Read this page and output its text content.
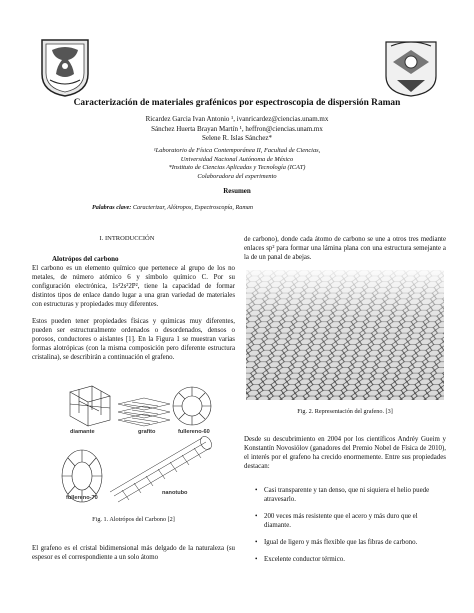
Caracterización de materiales grafénicos por espectroscopia de dispersión Raman
Ricardez Garcia Ivan Antonio ¹, ivanricardez@ciencias.unam.mx
Sánchez Huerta Brayan Martín ¹, heffron@ciencias.unam.mx
Selene R. Islas Sánchez*
¹Laboratorio de Física Contemporánea II, Facultad de Ciencias,
Universidad Nacional Autónoma de México
*Instituto de Ciencias Aplicadas y Tecnología (ICAT)
Colaboradora del experimento
Resumen
Palabras clave: Caracterizar, Alótropos, Espectroscopía, Raman
I. INTRODUCCIÓN
Alotrópos del carbono
El carbono es un elemento químico que pertenece al grupo de los no metales, de número atómico 6 y símbolo químico C. Por su configuración electrónica, 1s²2s²2P², tiene la capacidad de formar distintos tipos de enlace dando lugar a una gran variedad de materiales con estructuras y propiedades muy diferentes.
Estos pueden tener propiedades físicas y químicas muy diferentes, pueden ser estructuralmente ordenados o desordenados, densos o porosos, conductores o aislantes [1]. En la Figura 1 se muestran varias formas alotrópicas (con la misma composición pero diferente estructura cristalina), se describirán a continuación el grafeno.
diamante	grafito	fullereno-60
fullereno-70
nanotubo
Fig. 1. Alotrópos del Carbono [2]
El grafeno es el cristal bidimensional más delgado de la naturaleza (su espesor es el correspondiente a un solo átomo
de carbono), donde cada átomo de carbono se une a otros tres mediante enlaces sp² para formar una lámina plana con una estructura semejante a la de un panal de abejas.
Fig. 2. Representación del grafeno. [3]
Desde su descubrimiento en 2004 por los científicos Andréy Gueim y Konstantín Novosiólov (ganadores del Premio Nobel de Física de 2010), el interés por el grafeno ha crecido enormemente. Entre sus propiedades destacan:
• Casi transparente y tan denso, que ni siquiera el helio puede atravesarlo.
• 200 veces más resistente que el acero y más duro que el diamante.
• Igual de ligero y más flexible que las fibras de carbono.
• Excelente conductor térmico.
